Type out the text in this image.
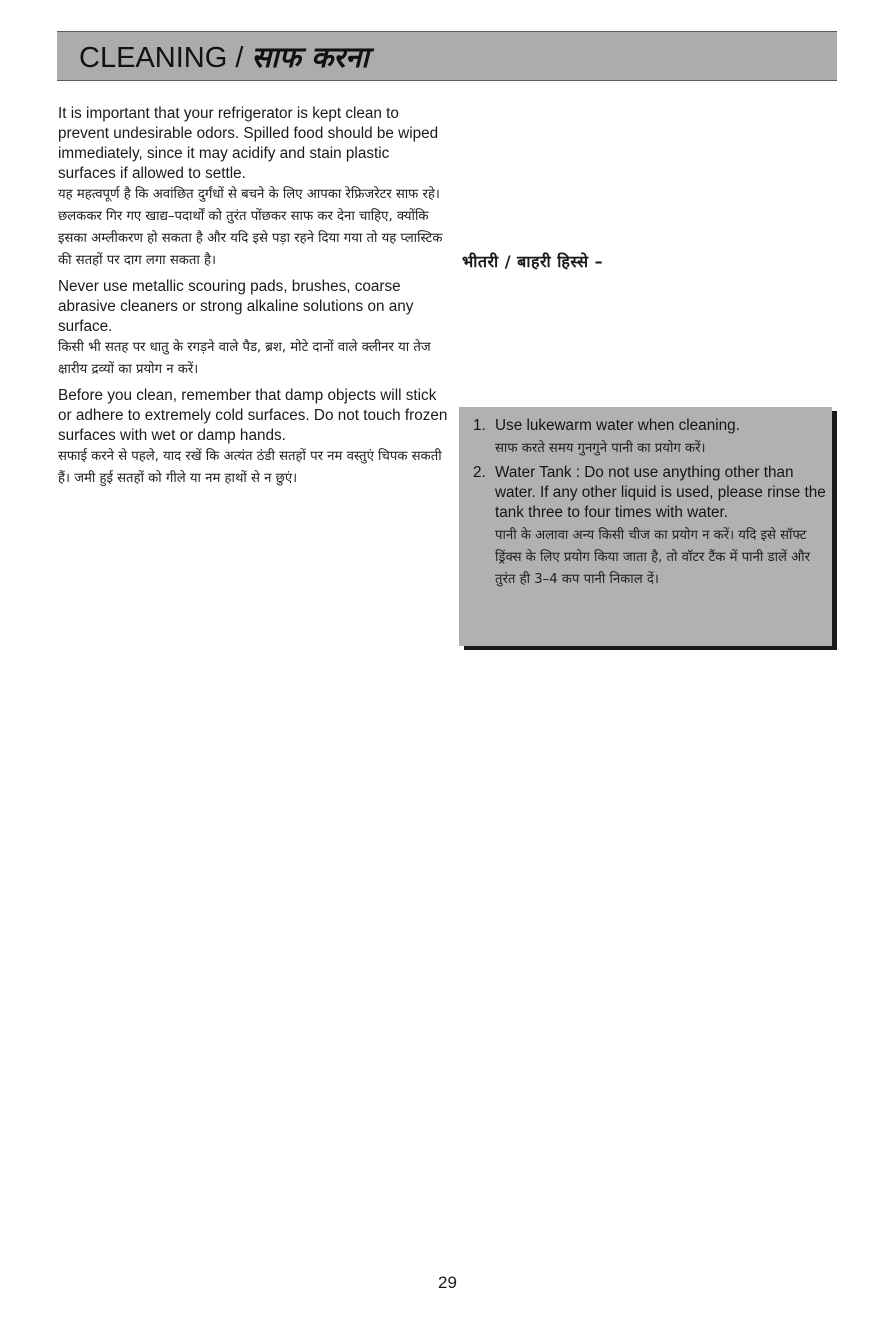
CLEANING / साफ करना

It is important that your refrigerator is kept clean to prevent undesirable odors. Spilled food should be wiped immediately, since it may acidify and stain plastic surfaces if allowed to settle.

यह महत्वपूर्ण है कि अवांछित दुर्गंधों से बचने के लिए आपका रेफ्रिजरेटर साफ रहे। छलककर गिर गए खाद्य–पदार्थों को तुरंत पोंछकर साफ कर देना चाहिए, क्योंकि इसका अम्लीकरण हो सकता है और यदि इसे पड़ा रहने दिया गया तो यह प्लास्टिक की सतहों पर दाग लगा सकता है।

Never use metallic scouring pads, brushes, coarse abrasive cleaners or strong alkaline solutions on any surface.

किसी भी सतह पर धातु के रगड़ने वाले पैड, ब्रश, मोटे दानों वाले क्लीनर या तेज क्षारीय द्रव्यों का प्रयोग न करें।

Before you clean, remember that damp objects will stick or adhere to extremely cold surfaces. Do not touch frozen surfaces with wet or damp hands.

सफाई करने से पहले, याद रखें कि अत्यंत ठंडी सतहों पर नम वस्तुएं चिपक सकती हैं। जमी हुई सतहों को गीले या नम हाथों से न छुएं।

भीतरी / बाहरी हिस्से –
1. Use lukewarm water when cleaning.

साफ करते समय गुनगुने पानी का प्रयोग करें।

2. Water Tank : Do not use anything other than water. If any other liquid is used, please rinse the tank three to four times with water.

पानी के अलावा अन्य किसी चीज का प्रयोग न करें। यदि इसे सॉफ्ट ड्रिंक्स के लिए प्रयोग किया जाता है, तो वॉटर टैंक में पानी डालें और तुरंत ही 3–4 कप पानी निकाल दें।

29
